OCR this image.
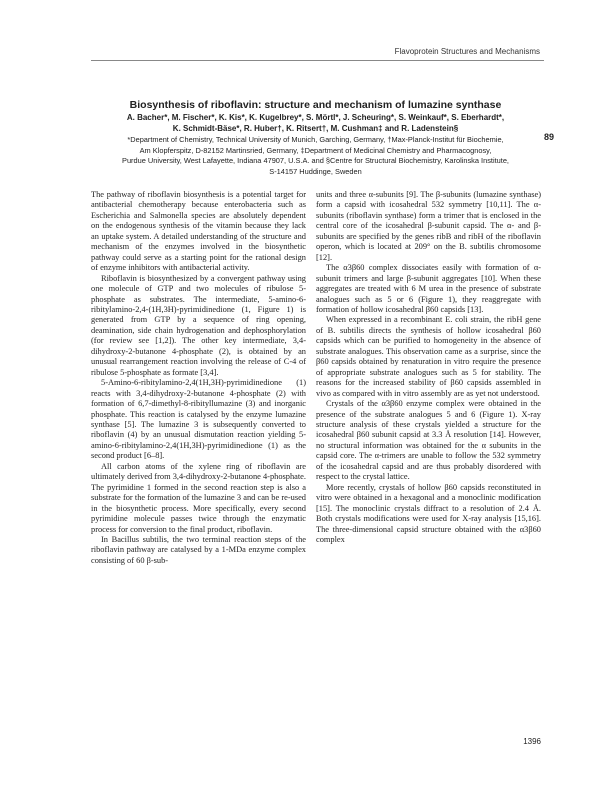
Flavoprotein Structures and Mechanisms
89
Biosynthesis of riboflavin: structure and mechanism of lumazine synthase
A. Bacher*, M. Fischer*, K. Kis*, K. Kugelbrey*, S. Mörtl*, J. Scheuring*, S. Weinkauf*, S. Eberhardt*,
K. Schmidt-Bäse*, R. Huber†, K. Ritsert†, M. Cushman‡ and R. Ladenstein§
*Department of Chemistry, Technical University of Munich, Garching, Germany, †Max-Planck-Institut für Biochemie,
Am Klopferspitz, D-82152 Martinsried, Germany, ‡Department of Medicinal Chemistry and Pharmacognosy,
Purdue University, West Lafayette, Indiana 47907, U.S.A. and §Centre for Structural Biochemistry, Karolinska Institute,
S-14157 Huddinge, Sweden

The pathway of riboflavin biosynthesis is a potential target for antibacterial chemotherapy because enterobacteria such as Escherichia and Salmonella species are absolutely dependent on the endogenous synthesis of the vitamin because they lack an uptake system. A detailed understanding of the structure and mechanism of the enzymes involved in the biosynthetic pathway could serve as a starting point for the rational design of enzyme inhibitors with antibacterial activity.

Riboflavin is biosynthesized by a convergent pathway using one molecule of GTP and two molecules of ribulose 5-phosphate as substrates. The intermediate, 5-amino-6-ribitylamino-2,4-(1H,3H)-pyrimidinedione (1, Figure 1) is generated from GTP by a sequence of ring opening, deamination, side chain hydrogenation and dephosphorylation (for review see [1,2]). The other key intermediate, 3,4-dihydroxy-2-butanone 4-phosphate (2), is obtained by an unusual rearrangement reaction involving the release of C-4 of ribulose 5-phosphate as formate [3,4].

5-Amino-6-ribitylamino-2,4(1H,3H)-pyrimidinedione (1) reacts with 3,4-dihydroxy-2-butanone 4-phosphate (2) with formation of 6,7-dimethyl-8-ribityllumazine (3) and inorganic phosphate. This reaction is catalysed by the enzyme lumazine synthase [5]. The lumazine 3 is subsequently converted to riboflavin (4) by an unusual dismutation reaction yielding 5-amino-6-ribitylamino-2,4(1H,3H)-pyrimidinedione (1) as the second product [6–8].

All carbon atoms of the xylene ring of riboflavin are ultimately derived from 3,4-dihydroxy-2-butanone 4-phosphate. The pyrimidine 1 formed in the second reaction step is also a substrate for the formation of the lumazine 3 and can be re-used in the biosynthetic process. More specifically, every second pyrimidine molecule passes twice through the enzymatic process for conversion to the final product, riboflavin.

In Bacillus subtilis, the two terminal reaction steps of the riboflavin pathway are catalysed by a 1-MDa enzyme complex consisting of 60 β-sub-

units and three α-subunits [9]. The β-subunits (lumazine synthase) form a capsid with icosahedral 532 symmetry [10,11]. The α-subunits (riboflavin synthase) form a trimer that is enclosed in the central core of the icosahedral β-subunit capsid. The α- and β-subunits are specified by the genes ribB and ribH of the riboflavin operon, which is located at 209° on the B. subtilis chromosome [12].

The α3β60 complex dissociates easily with formation of α-subunit trimers and large β-subunit aggregates [10]. When these aggregates are treated with 6 M urea in the presence of substrate analogues such as 5 or 6 (Figure 1), they reaggregate with formation of hollow icosahedral β60 capsids [13].

When expressed in a recombinant E. coli strain, the ribH gene of B. subtilis directs the synthesis of hollow icosahedral β60 capsids which can be purified to homogeneity in the absence of substrate analogues. This observation came as a surprise, since the β60 capsids obtained by renaturation in vitro require the presence of appropriate substrate analogues such as 5 for stability. The reasons for the increased stability of β60 capsids assembled in vivo as compared with in vitro assembly are as yet not understood.

Crystals of the α3β60 enzyme complex were obtained in the presence of the substrate analogues 5 and 6 (Figure 1). X-ray structure analysis of these crystals yielded a structure for the icosahedral β60 subunit capsid at 3.3 Å resolution [14]. However, no structural information was obtained for the α subunits in the capsid core. The α-trimers are unable to follow the 532 symmetry of the icosahedral capsid and are thus probably disordered with respect to the crystal lattice.

More recently, crystals of hollow β60 capsids reconstituted in vitro were obtained in a hexagonal and a monoclinic modification [15]. The monoclinic crystals diffract to a resolution of 2.4 Å. Both crystals modifications were used for X-ray analysis [15,16]. The three-dimensional capsid structure obtained with the α3β60 complex

1396
